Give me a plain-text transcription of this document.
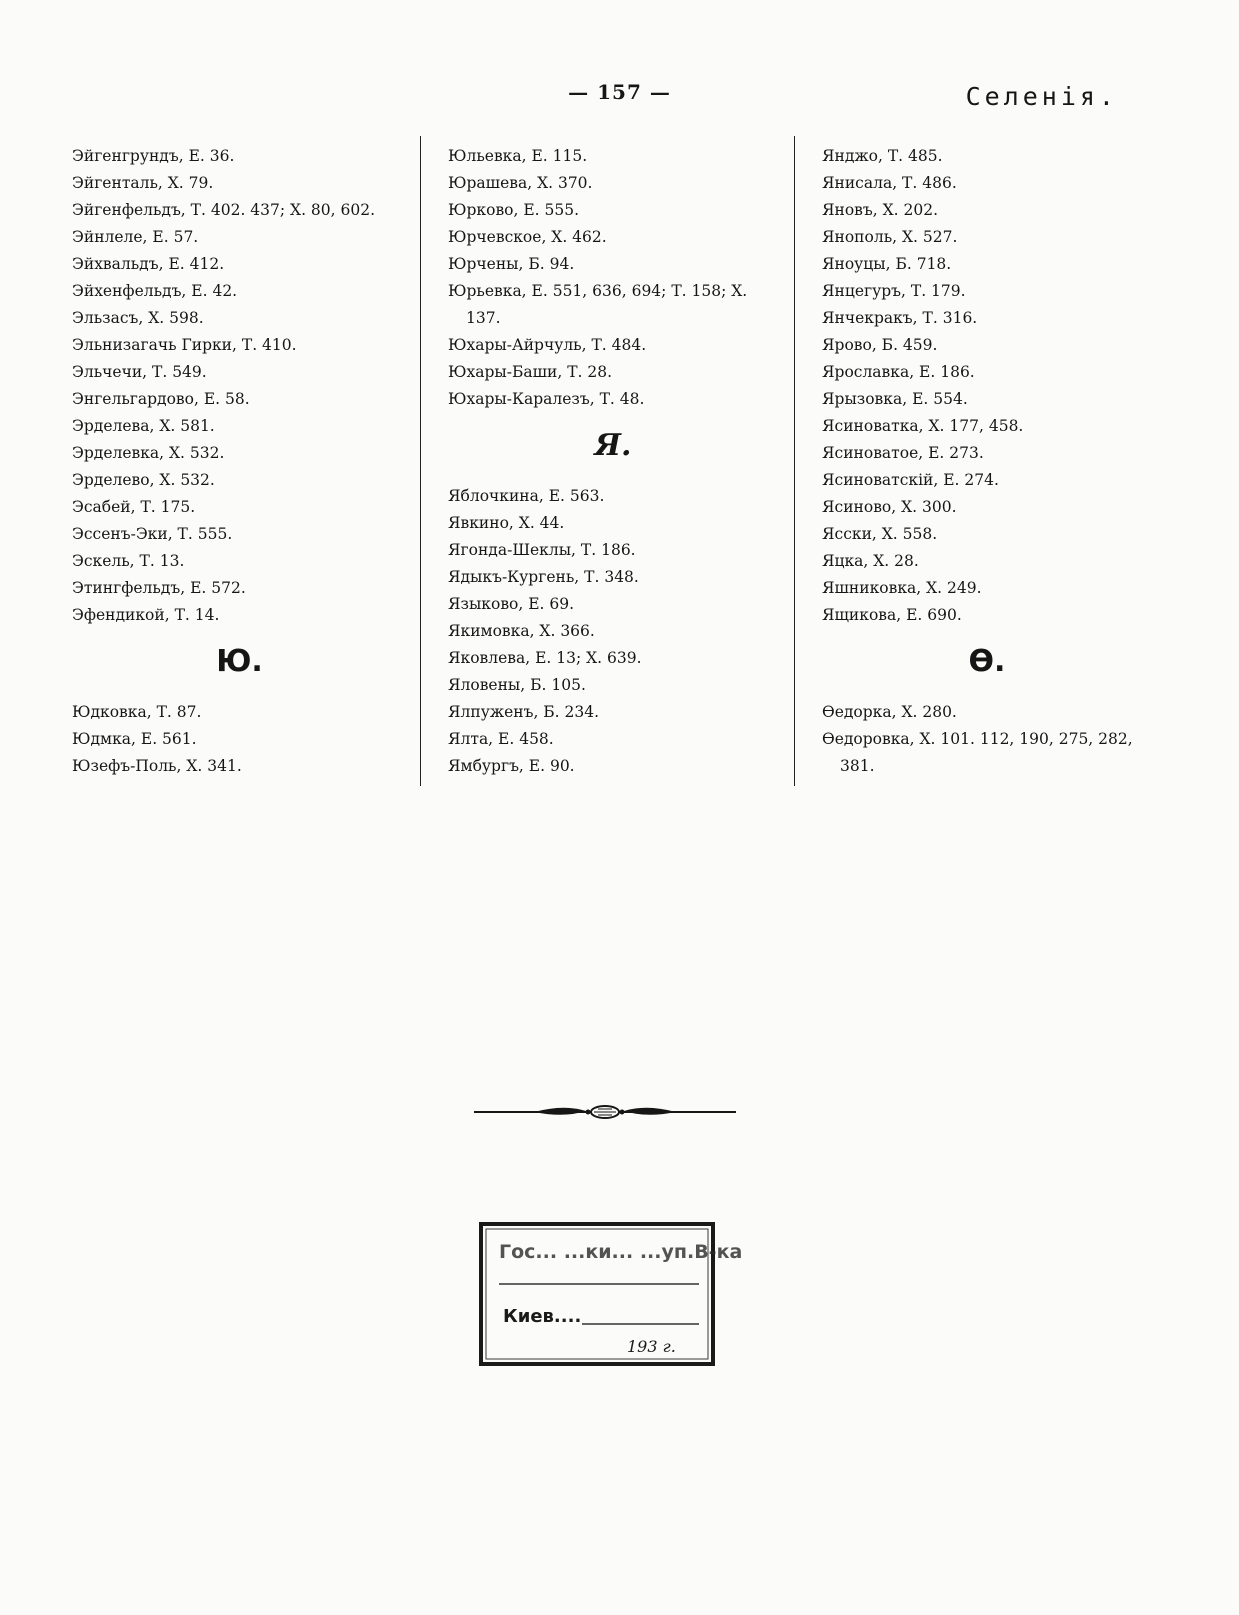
— 157 —	Селенія.
Эйгенгрундъ, Е. 36.
Эйгенталь, Х. 79.
Эйгенфельдъ, Т. 402. 437; Х. 80, 602.
Эйнлеле, Е. 57.
Эйхвальдъ, Е. 412.
Эйхенфельдъ, Е. 42.
Эльзасъ, Х. 598.
Эльнизагачь Гирки, Т. 410.
Эльчечи, Т. 549.
Энгельгардово, Е. 58.
Эрделева, Х. 581.
Эрделевка, Х. 532.
Эрделево, Х. 532.
Эсабей, Т. 175.
Эссенъ-Эки, Т. 555.
Эскель, Т. 13.
Этингфельдъ, Е. 572.
Эфендикой, Т. 14.
Ю.
Юдковка, Т. 87.
Юдмка, Е. 561.
Юзефъ-Поль, Х. 341.
Юльевка, Е. 115.
Юрашева, Х. 370.
Юрково, Е. 555.
Юрчевское, Х. 462.
Юрчены, Б. 94.
Юрьевка, Е. 551, 636, 694; Т. 158; Х. 137.
Юхары-Айрчуль, Т. 484.
Юхары-Баши, Т. 28.
Юхары-Каралезъ, Т. 48.
Я.
Яблочкина, Е. 563.
Явкино, Х. 44.
Ягонда-Шеклы, Т. 186.
Ядыкъ-Кургень, Т. 348.
Языково, Е. 69.
Якимовка, Х. 366.
Яковлева, Е. 13; Х. 639.
Яловены, Б. 105.
Ялпуженъ, Б. 234.
Ялта, Е. 458.
Ямбургъ, Е. 90.
Янджо, Т. 485.
Янисала, Т. 486.
Яновъ, Х. 202.
Янополь, Х. 527.
Яноуцы, Б. 718.
Янцегуръ, Т. 179.
Янчекракъ, Т. 316.
Ярово, Б. 459.
Ярославка, Е. 186.
Ярызовка, Е. 554.
Ясиноватка, Х. 177, 458.
Ясиноватое, Е. 273.
Ясиноватскій, Е. 274.
Ясиново, Х. 300.
Ясски, Х. 558.
Яцка, Х. 28.
Яшниковка, Х. 249.
Ящикова, Е. 690.
Ѳ.
Ѳедорка, Х. 280.
Ѳедоровка, Х. 101. 112, 190, 275, 282, 381.
Гос... ...ки... ...уп.В-ка
Киев....
193 г.
